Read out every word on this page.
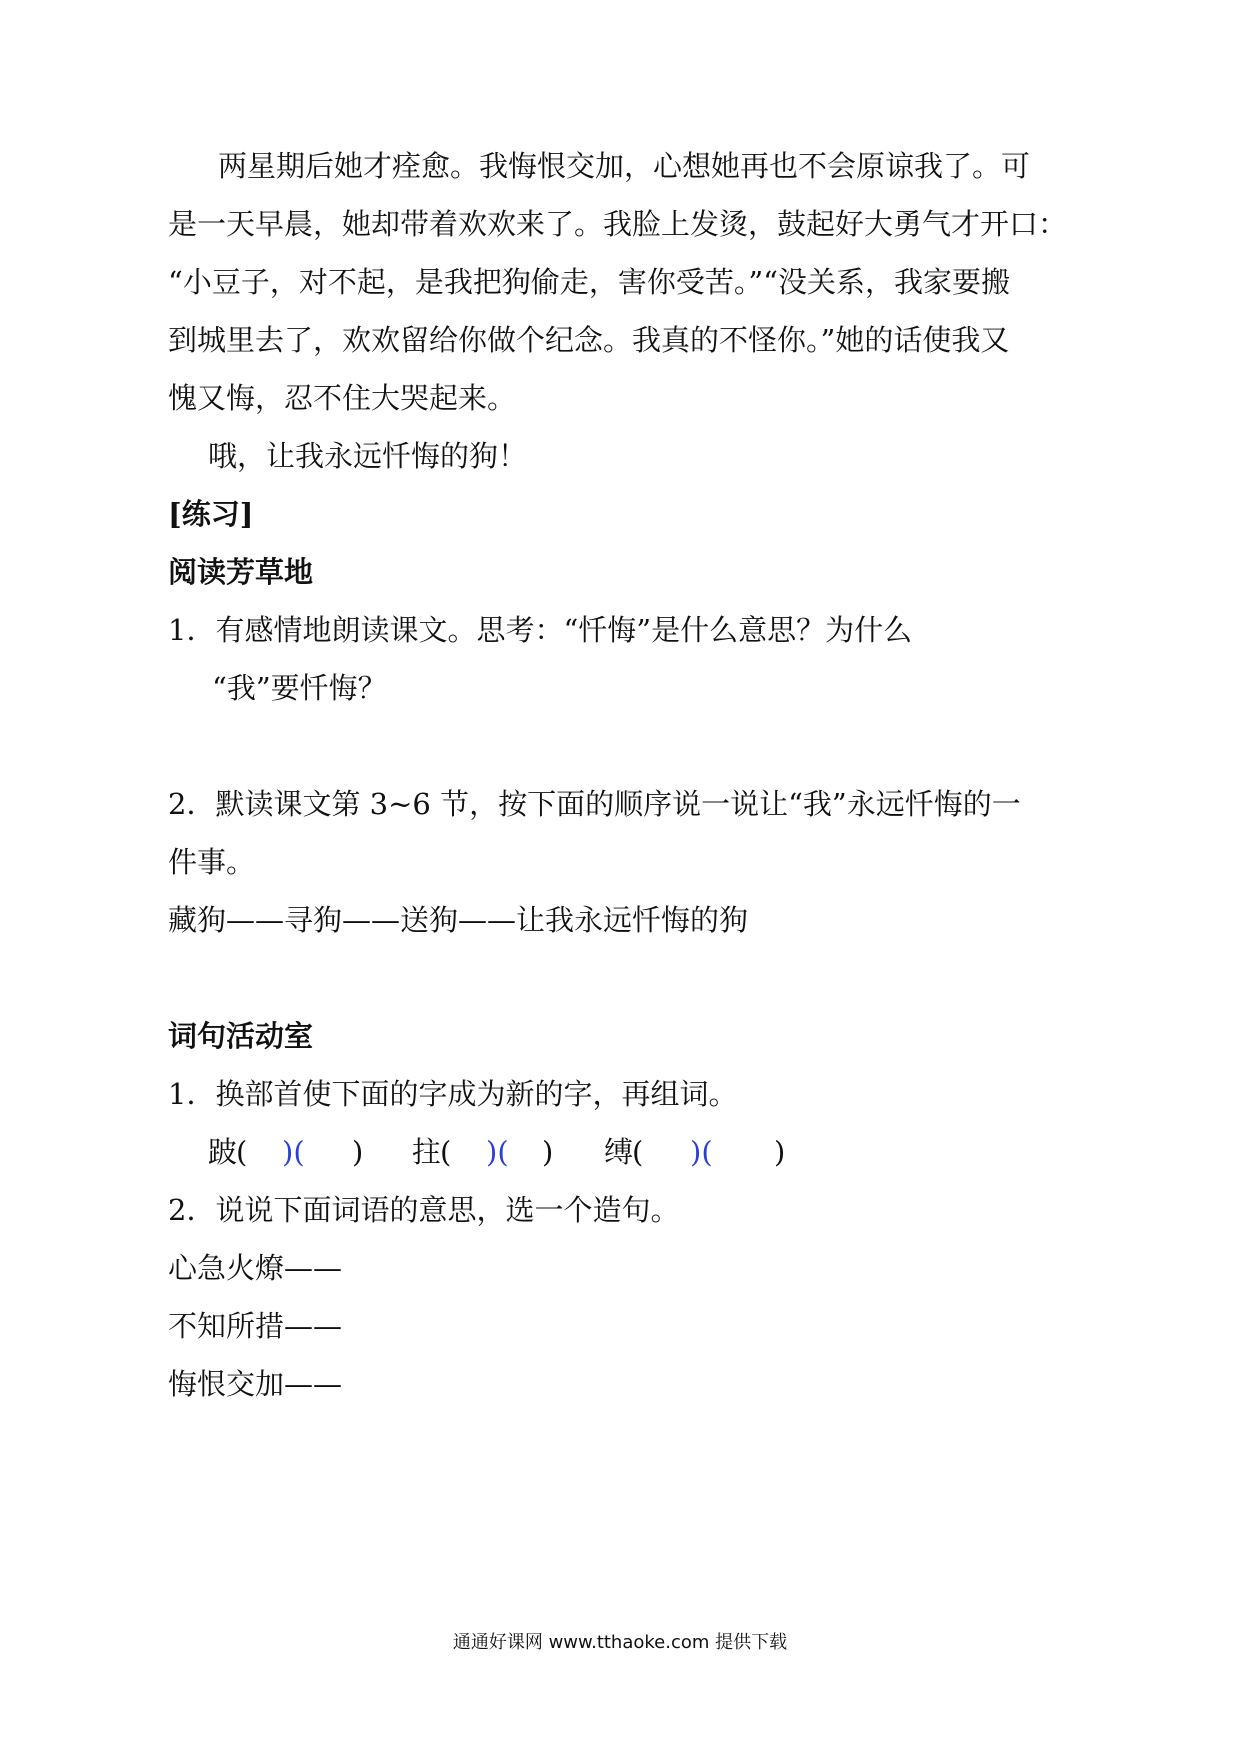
两星期后她才痊愈。我悔恨交加，心想她再也不会原谅我了。可
是一天早晨，她却带着欢欢来了。我脸上发烫，鼓起好大勇气才开口：
“小豆子，对不起，是我把狗偷走，害你受苦。”“没关系，我家要搬
到城里去了，欢欢留给你做个纪念。我真的不怪你。”她的话使我又
愧又悔，忍不住大哭起来。
哦，让我永远忏悔的狗！
[练习]
阅读芳草地
1．有感情地朗读课文。思考：“忏悔”是什么意思？为什么
“我”要忏悔？
2．默读课文第 3~6 节，按下面的顺序说一说让“我”永远忏悔的一
件事。
藏狗——寻狗——送狗——让我永远忏悔的狗
词句活动室
1．换部首使下面的字成为新的字，再组词。
跛
( )( ) 拄
( )( ) 缚
( )( )
2．说说下面词语的意思，选一个造句。
心急火燎——
不知所措——
悔恨交加——
通通好课网 www.tthaoke.com 提供下载
